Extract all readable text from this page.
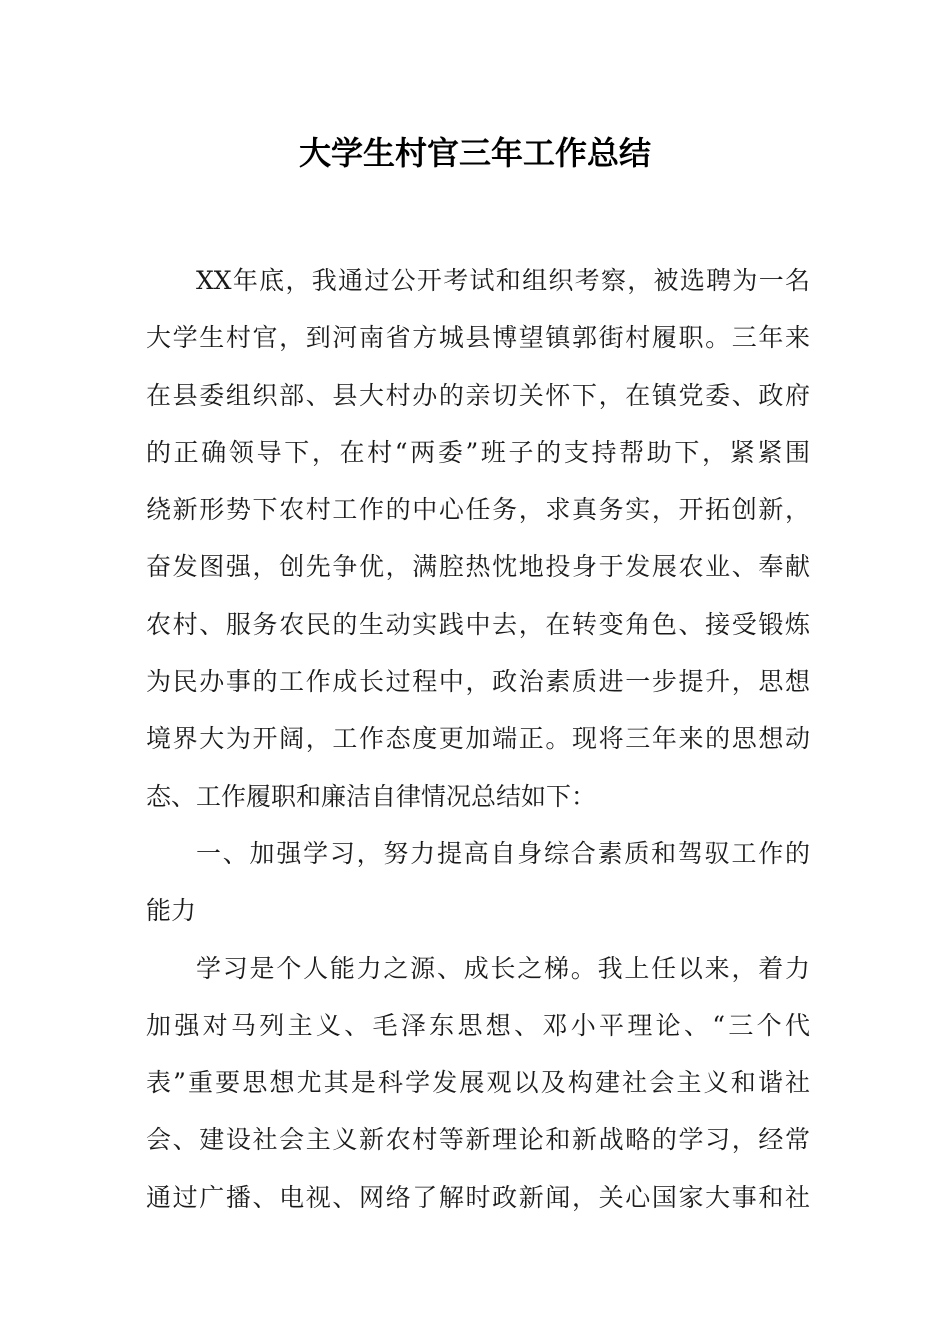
大学生村官三年工作总结
XX年底，我通过公开考试和组织考察，被选聘为一名
大学生村官，到河南省方城县博望镇郭街村履职。三年来
在县委组织部、县大村办的亲切关怀下，在镇党委、政府
的正确领导下，在村“两委”班子的支持帮助下，紧紧围
绕新形势下农村工作的中心任务，求真务实，开拓创新，
奋发图强，创先争优，满腔热忱地投身于发展农业、奉献
农村、服务农民的生动实践中去，在转变角色、接受锻炼
为民办事的工作成长过程中，政治素质进一步提升，思想
境界大为开阔，工作态度更加端正。现将三年来的思想动
态、工作履职和廉洁自律情况总结如下：
一、加强学习，努力提高自身综合素质和驾驭工作的
能力
学习是个人能力之源、成长之梯。我上任以来，着力
加强对马列主义、毛泽东思想、邓小平理论、“三个代
表”重要思想尤其是科学发展观以及构建社会主义和谐社
会、建设社会主义新农村等新理论和新战略的学习，经常
通过广播、电视、网络了解时政新闻，关心国家大事和社
